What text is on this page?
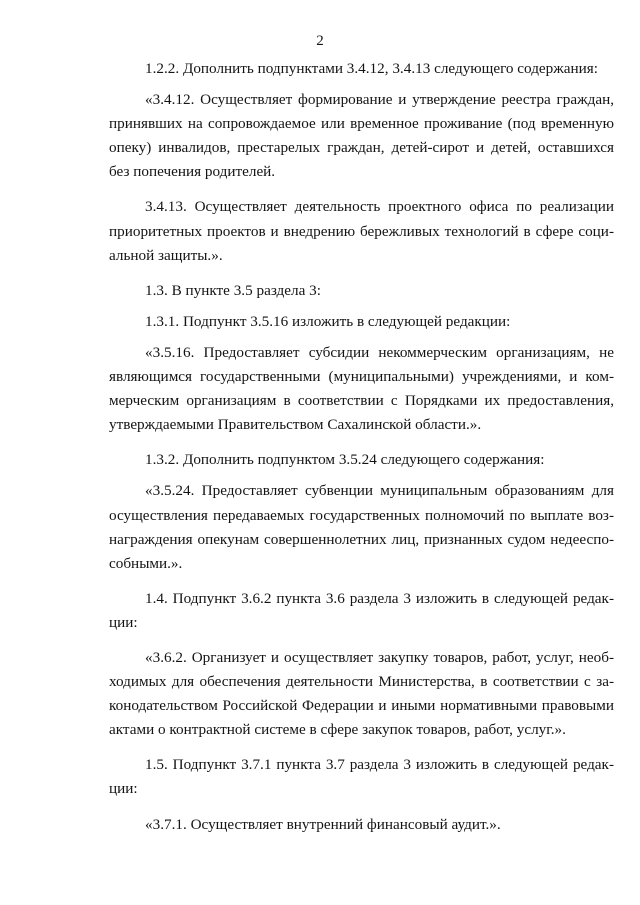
2

1.2.2. Дополнить подпунктами 3.4.12, 3.4.13 следующего содержания:

«3.4.12. Осуществляет формирование и утверждение реестра граждан, принявших на сопровождаемое или временное проживание (под временную опеку) инвалидов, престарелых граждан, детей-сирот и детей, оставшихся без попечения родителей.

3.4.13. Осуществляет деятельность проектного офиса по реализации приоритетных проектов и внедрению бережливых технологий в сфере социальной защиты.».

1.3. В пункте 3.5 раздела 3:

1.3.1. Подпункт 3.5.16 изложить в следующей редакции:

«3.5.16. Предоставляет субсидии некоммерческим организациям, не являющимся государственными (муниципальными) учреждениями, и коммерческим организациям в соответствии с Порядками их предоставления, утверждаемыми Правительством Сахалинской области.».

1.3.2. Дополнить подпунктом 3.5.24 следующего содержания:

«3.5.24. Предоставляет субвенции муниципальным образованиям для осуществления передаваемых государственных полномочий по выплате вознаграждения опекунам совершеннолетних лиц, признанных судом недееспособными.».

1.4. Подпункт 3.6.2 пункта 3.6 раздела 3 изложить в следующей редакции:

«3.6.2. Организует и осуществляет закупку товаров, работ, услуг, необходимых для обеспечения деятельности Министерства, в соответствии с законодательством Российской Федерации и иными нормативными правовыми актами о контрактной системе в сфере закупок товаров, работ, услуг.».

1.5. Подпункт 3.7.1 пункта 3.7 раздела 3 изложить в следующей редакции:

«3.7.1. Осуществляет внутренний финансовый аудит.».
